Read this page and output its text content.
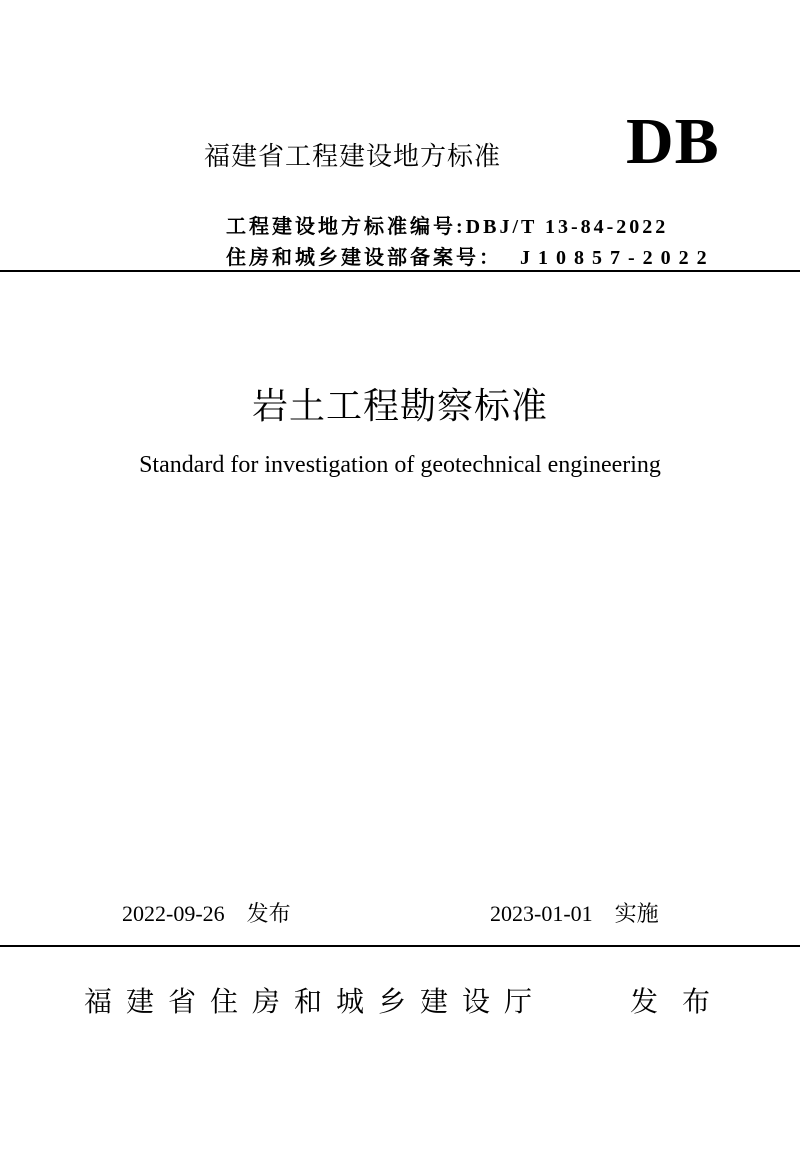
福建省工程建设地方标准 DB
工程建设地方标准编号:DBJ/T 13-84-2022
住房和城乡建设部备案号： J10857-2022
岩土工程勘察标准
Standard for investigation of geotechnical engineering
2022-09-26 发布	2023-01-01 实施
福建省住房和城乡建设厅	发布
